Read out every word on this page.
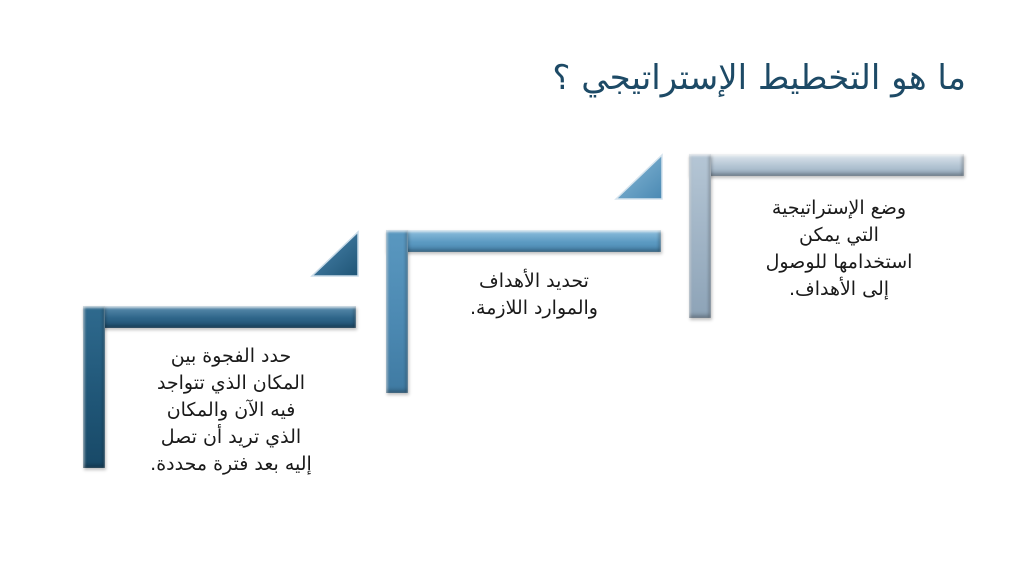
ما هو التخطيط الإستراتيجي ؟

حدد الفجوة بين
المكان الذي تتواجد
فيه الآن والمكان
الذي تريد أن تصل
إليه بعد فترة محددة.

تحديد الأهداف
والموارد اللازمة.

وضع الإستراتيجية
التي يمكن
استخدامها للوصول
إلى الأهداف.
